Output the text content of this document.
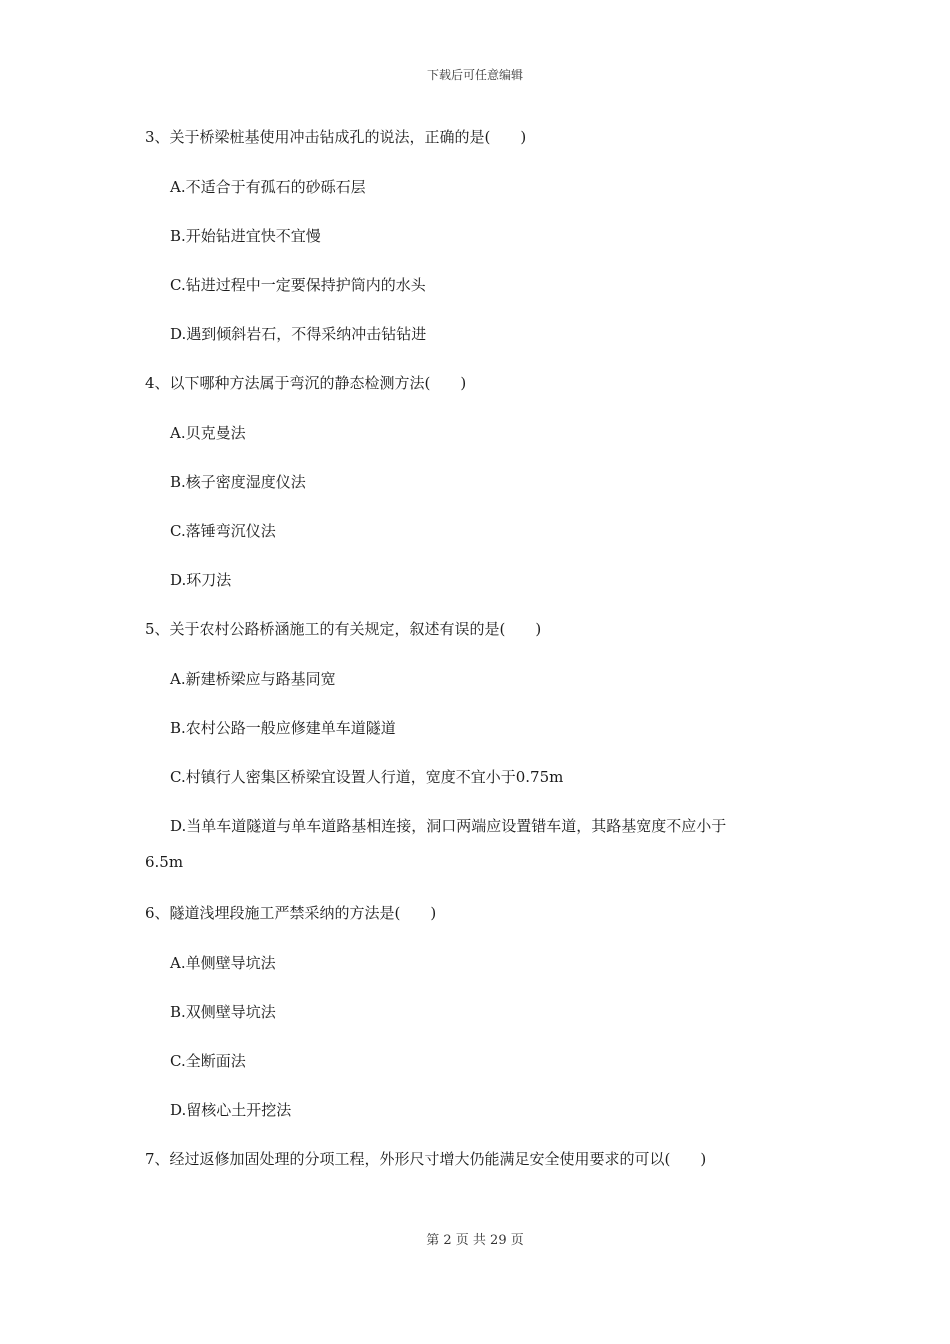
下载后可任意编辑
3、关于桥梁桩基使用冲击钻成孔的说法，正确的是(　　)
A.不适合于有孤石的砂砾石层
B.开始钻进宜快不宜慢
C.钻进过程中一定要保持护筒内的水头
D.遇到倾斜岩石，不得采纳冲击钻钻进
4、以下哪种方法属于弯沉的静态检测方法(　　)
A.贝克曼法
B.核子密度湿度仪法
C.落锤弯沉仪法
D.环刀法
5、关于农村公路桥涵施工的有关规定，叙述有误的是(　　)
A.新建桥梁应与路基同宽
B.农村公路一般应修建单车道隧道
C.村镇行人密集区桥梁宜设置人行道，宽度不宜小于0.75m
D.当单车道隧道与单车道路基相连接，洞口两端应设置错车道，其路基宽度不应小于
6.5m
6、隧道浅埋段施工严禁采纳的方法是(　　)
A.单侧壁导坑法
B.双侧壁导坑法
C.全断面法
D.留核心土开挖法
7、经过返修加固处理的分项工程，外形尺寸增大仍能满足安全使用要求的可以(　　)
第 2 页 共 29 页
